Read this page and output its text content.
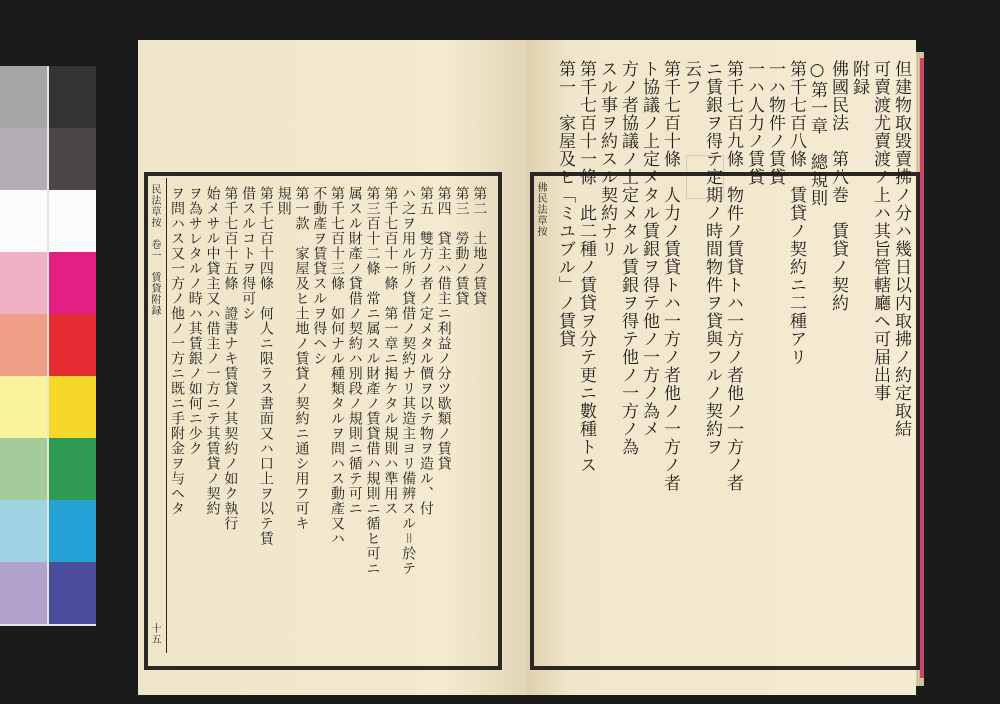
民法草按　卷一　賃貸附録
十五
佛民法草按
第二　土地ノ賃貸
第三　勞動ノ賃貸
第四　貸主ハ借主ニ利益ノ分ツ歇類ノ賃貸
第五　雙方ノ者ノ定メタル價ヲ以テ物ヲ造ル、付
ハ之ヲ用ル所ノ貸借ノ契約ナリ其造主ヨリ備辨スル＝於テ
第千七百十一條　第一章ニ掲ケタル規則ハ準用ス
第三百十二條　常ニ属スル財產ノ賃貸借ハ規則ニ循ヒ可ニ
属スル財產ノ貸借ノ契約ハ別段ノ規則ニ循テ可ニ
第千七百十三條　如何ナル種類タルヲ問ハス動產又ハ
不動產ヲ賃貸スルヲ得ヘシ
第一款　家屋及ヒ土地ノ賃貸ノ契約ニ通シ用フ可キ
規則
第千七百十四條　何人ニ限ラス書面又ハ口上ヲ以テ賃
借スルコトヲ得可シ
第千七百十五條　證書ナキ賃貸ノ其契約ノ如ク執行
始メサル中貸主又ハ借主ノ一方ニテ其賃貸ノ契約
ヲ為サレタルノ時ハ其賃銀ノ如何ニ少ク
ヲ問ハス又一方ノ他ノ一方ニ既ニ手附金ヲ与ヘタ	但建物取毀賣拂ノ分ハ幾日以内取拂ノ約定取結
可賣渡尤賣渡ノ上ハ其旨管轄廳ヘ可届出事
附録
佛國民法　第八巻　賃貸ノ契約
○第一章　總規則
第千七百八條　賃貸ノ契約ニ二種アリ
一ハ物件ノ賃貸
一ハ人力ノ賃貸
第千七百九條　物件ノ賃貸トハ一方ノ者他ノ一方ノ者
ニ賃銀ヲ得テ定期ノ時間物件ヲ貸與フルノ契約ヲ
云フ
第千七百十條　人力ノ賃貸トハ一方ノ者他ノ一方ノ者
ト協議ノ上定メタル賃銀ヲ得テ他ノ一方ノ為メ
方ノ者協議ノ上定メタル賃銀ヲ得テ他ノ一方ノ為
スル事ヲ約スル契約ナリ
第千七百十一條　此二種ノ賃貸ヲ分テ更ニ數種トス
第一　家屋及ヒ「ミユブル」ノ賃貸
